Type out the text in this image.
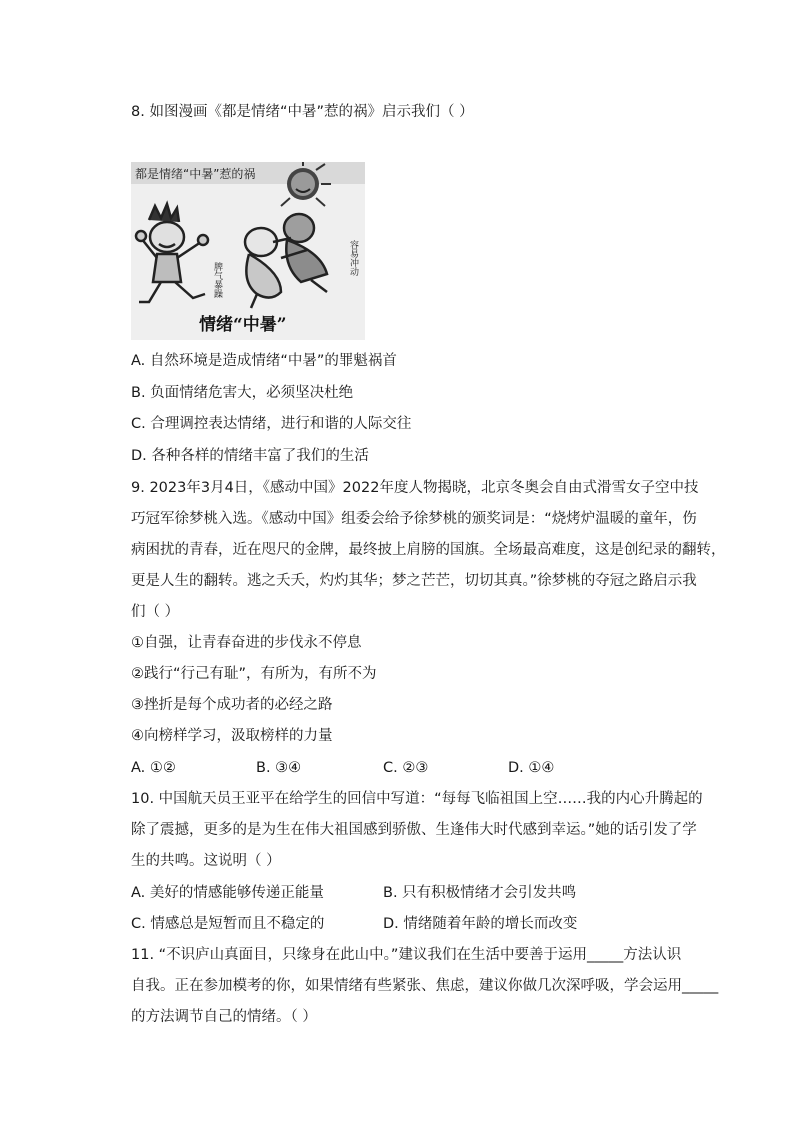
8. 如图漫画《都是情绪“中暑”惹的祸》启示我们（ ）
都是情绪“中暑”惹的祸
脾气暴躁
容易冲动
情绪“中暑”
A. 自然环境是造成情绪“中暑”的罪魁祸首
B. 负面情绪危害大，必须坚决杜绝
C. 合理调控表达情绪，进行和谐的人际交往
D. 各种各样的情绪丰富了我们的生活
9. 2023年3月4日，《感动中国》2022年度人物揭晓，北京冬奥会自由式滑雪女子空中技
巧冠军徐梦桃入选。《感动中国》组委会给予徐梦桃的颁奖词是：“烧烤炉温暖的童年，伤
病困扰的青春，近在咫尺的金牌，最终披上肩膀的国旗。全场最高难度，这是创纪录的翻转，
更是人生的翻转。逃之夭夭，灼灼其华；梦之芒芒，切切其真。”徐梦桃的夺冠之路启示我
们（ ）
①自强，让青春奋进的步伐永不停息
②践行“行己有耻”，有所为，有所不为
③挫折是每个成功者的必经之路
④向榜样学习，汲取榜样的力量
A. ①②	B. ③④	C. ②③	D. ①④
10. 中国航天员王亚平在给学生的回信中写道：“每每飞临祖国上空……我的内心升腾起的
除了震撼，更多的是为生在伟大祖国感到骄傲、生逢伟大时代感到幸运。”她的话引发了学
生的共鸣。这说明（ ）
A. 美好的情感能够传递正能量	B. 只有积极情绪才会引发共鸣
C. 情感总是短暂而且不稳定的	D. 情绪随着年龄的增长而改变
11. “不识庐山真面目，只缘身在此山中。”建议我们在生活中要善于运用_____方法认识
自我。正在参加模考的你，如果情绪有些紧张、焦虑，建议你做几次深呼吸，学会运用_____
的方法调节自己的情绪。（ ）
